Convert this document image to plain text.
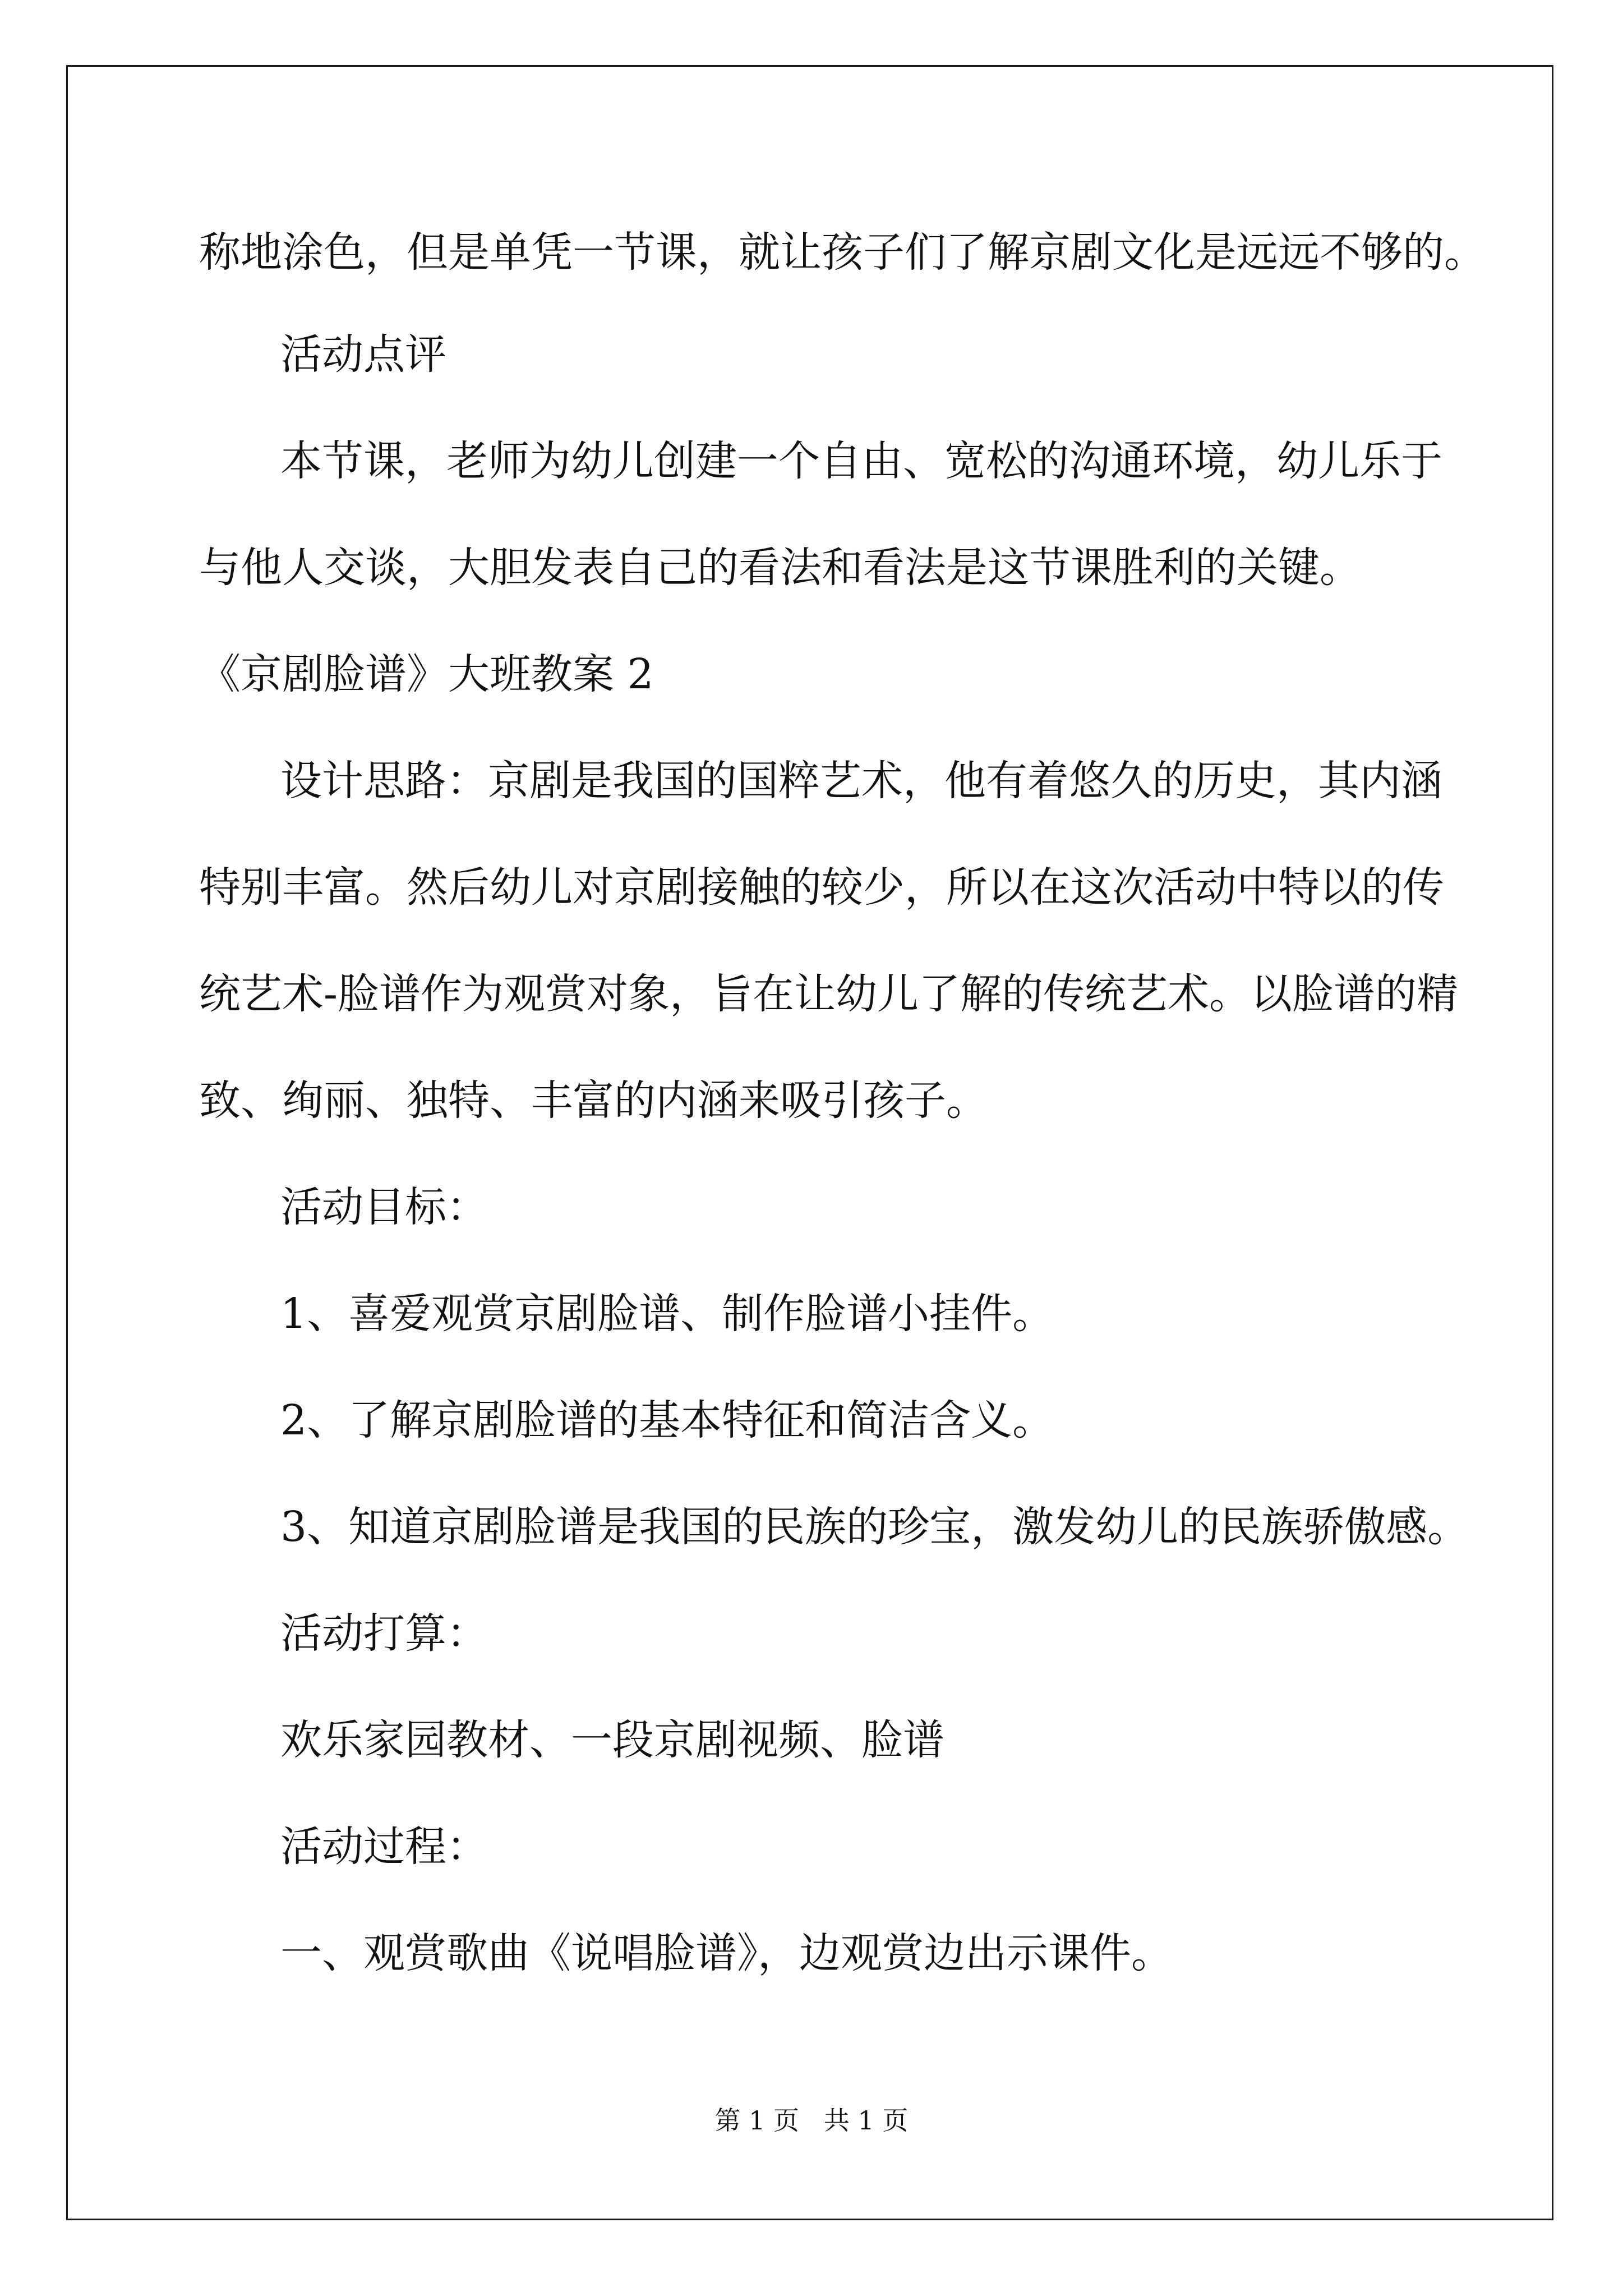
称地涂色，但是单凭一节课，就让孩子们了解京剧文化是远远不够的。
活动点评
本节课，老师为幼儿创建一个自由、宽松的沟通环境，幼儿乐于
与他人交谈，大胆发表自己的看法和看法是这节课胜利的关键。
《京剧脸谱》大班教案 2
设计思路：京剧是我国的国粹艺术，他有着悠久的历史，其内涵
特别丰富。然后幼儿对京剧接触的较少，所以在这次活动中特以的传
统艺术-脸谱作为观赏对象，旨在让幼儿了解的传统艺术。以脸谱的精
致、绚丽、独特、丰富的内涵来吸引孩子。
活动目标：
1、喜爱观赏京剧脸谱、制作脸谱小挂件。
2、了解京剧脸谱的基本特征和简洁含义。
3、知道京剧脸谱是我国的民族的珍宝，激发幼儿的民族骄傲感。
活动打算：
欢乐家园教材、一段京剧视频、脸谱
活动过程：
一、观赏歌曲《说唱脸谱》，边观赏边出示课件。
第 1 页   共 1 页
